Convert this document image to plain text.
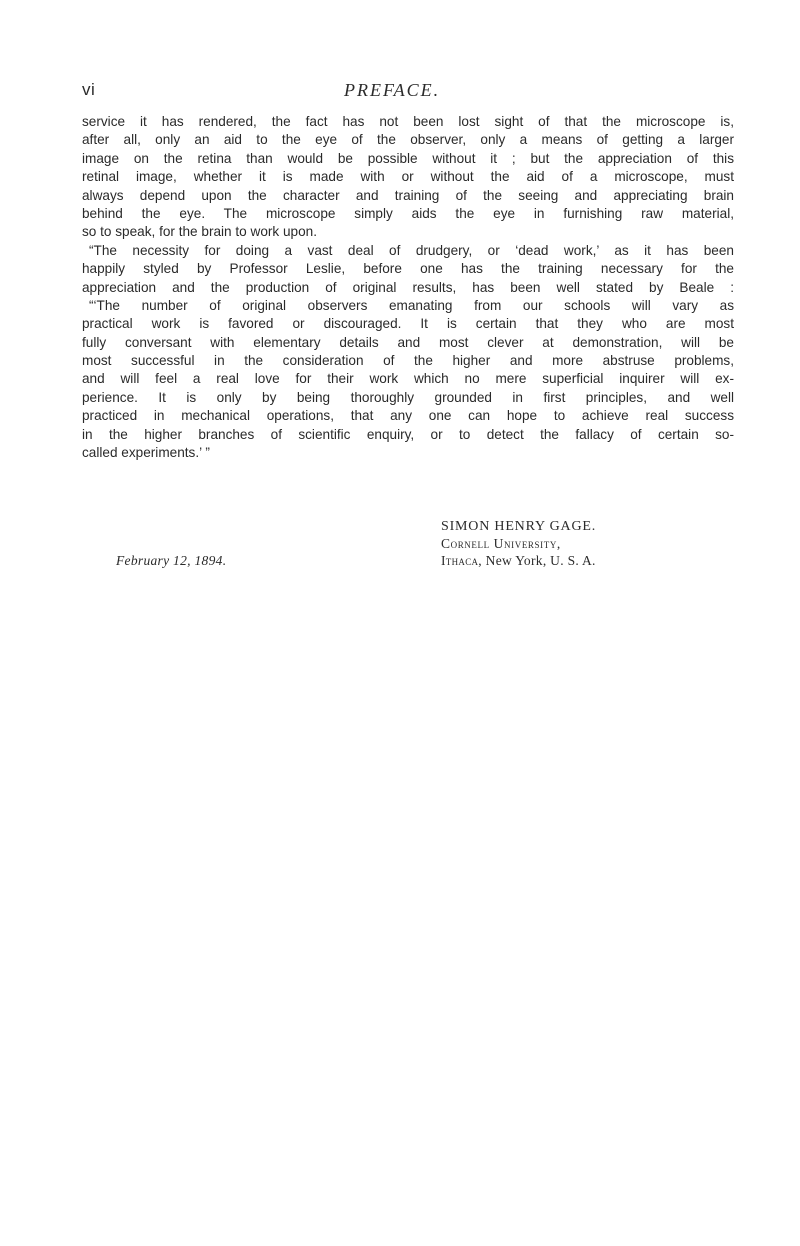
vi	PREFACE.
service it has rendered, the fact has not been lost sight of that the microscope is,
after all, only an aid to the eye of the observer, only a means of getting a larger
image on the retina than would be possible without it ; but the appreciation of this
retinal image, whether it is made with or without the aid of a microscope, must
always depend upon the character and training of the seeing and appreciating brain
behind the eye. The microscope simply aids the eye in furnishing raw material,
so to speak, for the brain to work upon.
“The necessity for doing a vast deal of drudgery, or ‘dead work,’ as it has been
happily styled by Professor Leslie, before one has the training necessary for the
appreciation and the production of original results, has been well stated by Beale :
“‘The number of original observers emanating from our schools will vary as
practical work is favored or discouraged. It is certain that they who are most
fully conversant with elementary details and most clever at demonstration, will be
most successful in the consideration of the higher and more abstruse problems,
and will feel a real love for their work which no mere superficial inquirer will ex-
perience. It is only by being thoroughly grounded in first principles, and well
practiced in mechanical operations, that any one can hope to achieve real success
in the higher branches of scientific enquiry, or to detect the fallacy of certain so-
called experiments.’ ”
SIMON HENRY GAGE.
Cornell University,
Ithaca, New York, U. S. A.
February 12, 1894.
